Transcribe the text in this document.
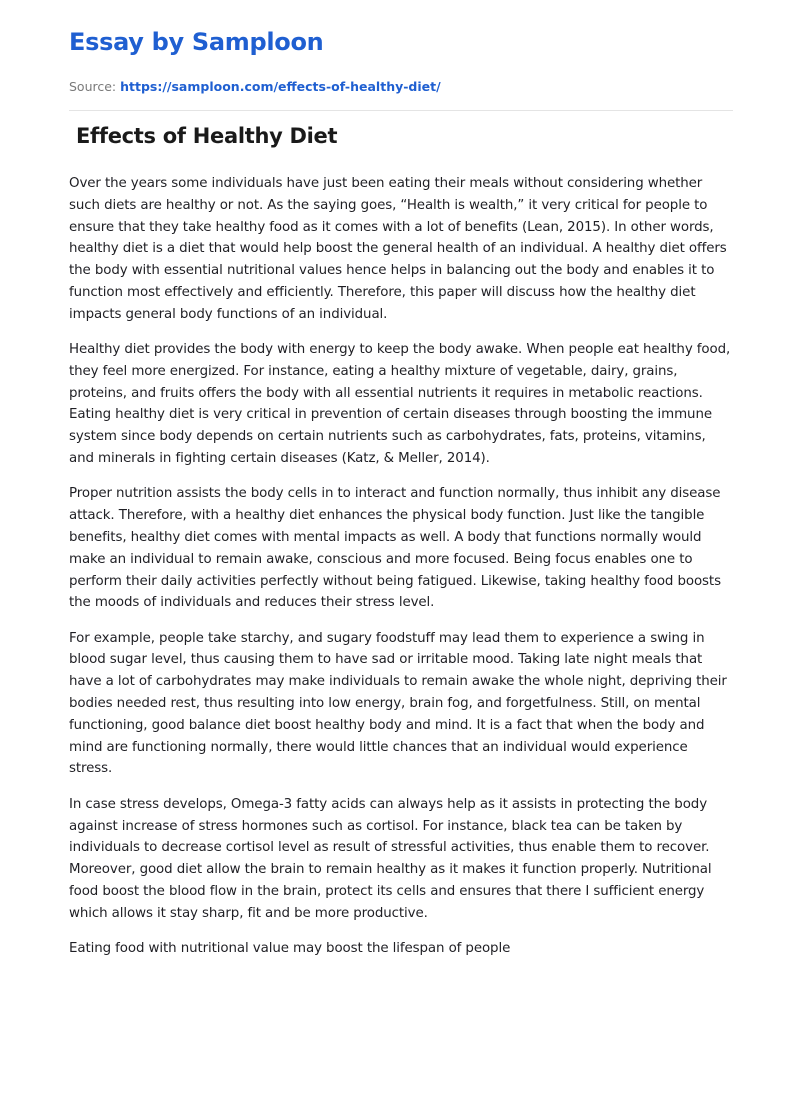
Essay by Samploon
Source: https://samploon.com/effects-of-healthy-diet/
Effects of Healthy Diet

Over the years some individuals have just been eating their meals without considering whether such diets are healthy or not. As the saying goes, “Health is wealth,” it very critical for people to ensure that they take healthy food as it comes with a lot of benefits (Lean, 2015). In other words, healthy diet is a diet that would help boost the general health of an individual. A healthy diet offers the body with essential nutritional values hence helps in balancing out the body and enables it to function most effectively and efficiently. Therefore, this paper will discuss how the healthy diet impacts general body functions of an individual.

Healthy diet provides the body with energy to keep the body awake. When people eat healthy food, they feel more energized. For instance, eating a healthy mixture of vegetable, dairy, grains, proteins, and fruits offers the body with all essential nutrients it requires in metabolic reactions. Eating healthy diet is very critical in prevention of certain diseases through boosting the immune system since body depends on certain nutrients such as carbohydrates, fats, proteins, vitamins, and minerals in fighting certain diseases (Katz, & Meller, 2014).

Proper nutrition assists the body cells in to interact and function normally, thus inhibit any disease attack. Therefore, with a healthy diet enhances the physical body function. Just like the tangible benefits, healthy diet comes with mental impacts as well. A body that functions normally would make an individual to remain awake, conscious and more focused. Being focus enables one to perform their daily activities perfectly without being fatigued. Likewise, taking healthy food boosts the moods of individuals and reduces their stress level.

For example, people take starchy, and sugary foodstuff may lead them to experience a swing in blood sugar level, thus causing them to have sad or irritable mood. Taking late night meals that have a lot of carbohydrates may make individuals to remain awake the whole night, depriving their bodies needed rest, thus resulting into low energy, brain fog, and forgetfulness. Still, on mental functioning, good balance diet boost healthy body and mind. It is a fact that when the body and mind are functioning normally, there would little chances that an individual would experience stress.

In case stress develops, Omega-3 fatty acids can always help as it assists in protecting the body against increase of stress hormones such as cortisol. For instance, black tea can be taken by individuals to decrease cortisol level as result of stressful activities, thus enable them to recover. Moreover, good diet allow the brain to remain healthy as it makes it function properly. Nutritional food boost the blood flow in the brain, protect its cells and ensures that there I sufficient energy which allows it stay sharp, fit and be more productive.

Eating food with nutritional value may boost the lifespan of people
